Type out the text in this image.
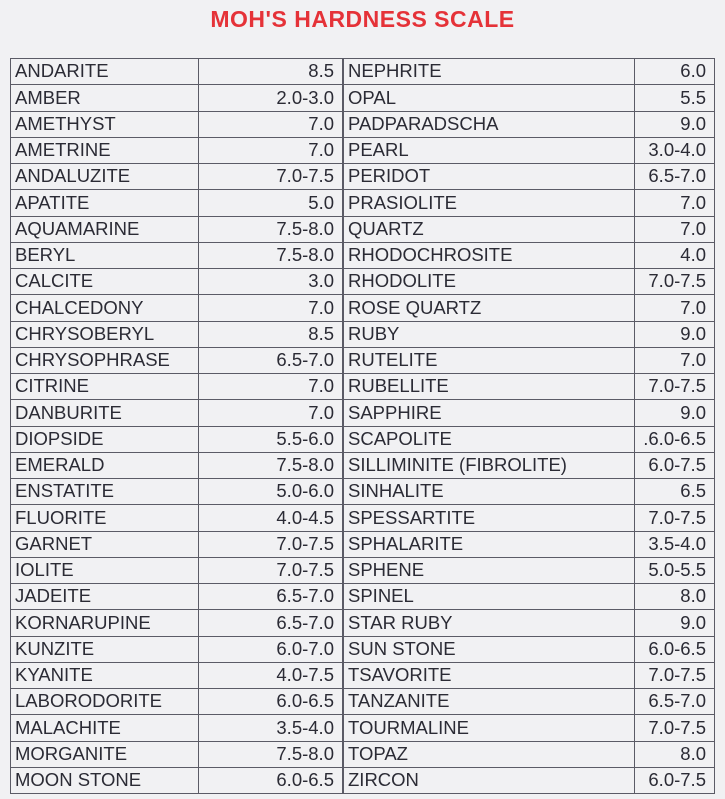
MOH'S HARDNESS SCALE
ANDARITE	8.5
AMBER	2.0-3.0
AMETHYST	7.0
AMETRINE	7.0
ANDALUZITE	7.0-7.5
APATITE	5.0
AQUAMARINE	7.5-8.0
BERYL	7.5-8.0
CALCITE	3.0
CHALCEDONY	7.0
CHRYSOBERYL	8.5
CHRYSOPHRASE	6.5-7.0
CITRINE	7.0
DANBURITE	7.0
DIOPSIDE	5.5-6.0
EMERALD	7.5-8.0
ENSTATITE	5.0-6.0
FLUORITE	4.0-4.5
GARNET	7.0-7.5
IOLITE	7.0-7.5
JADEITE	6.5-7.0
KORNARUPINE	6.5-7.0
KUNZITE	6.0-7.0
KYANITE	4.0-7.5
LABORODORITE	6.0-6.5
MALACHITE	3.5-4.0
MORGANITE	7.5-8.0
MOON STONE	6.0-6.5
NEPHRITE	6.0
OPAL	5.5
PADPARADSCHA	9.0
PEARL	3.0-4.0
PERIDOT	6.5-7.0
PRASIOLITE	7.0
QUARTZ	7.0
RHODOCHROSITE	4.0
RHODOLITE	7.0-7.5
ROSE QUARTZ	7.0
RUBY	9.0
RUTELITE	7.0
RUBELLITE	7.0-7.5
SAPPHIRE	9.0
SCAPOLITE	.6.0-6.5
SILLIMINITE (FIBROLITE)	6.0-7.5
SINHALITE	6.5
SPESSARTITE	7.0-7.5
SPHALARITE	3.5-4.0
SPHENE	5.0-5.5
SPINEL	8.0
STAR RUBY	9.0
SUN STONE	6.0-6.5
TSAVORITE	7.0-7.5
TANZANITE	6.5-7.0
TOURMALINE	7.0-7.5
TOPAZ	8.0
ZIRCON	6.0-7.5
